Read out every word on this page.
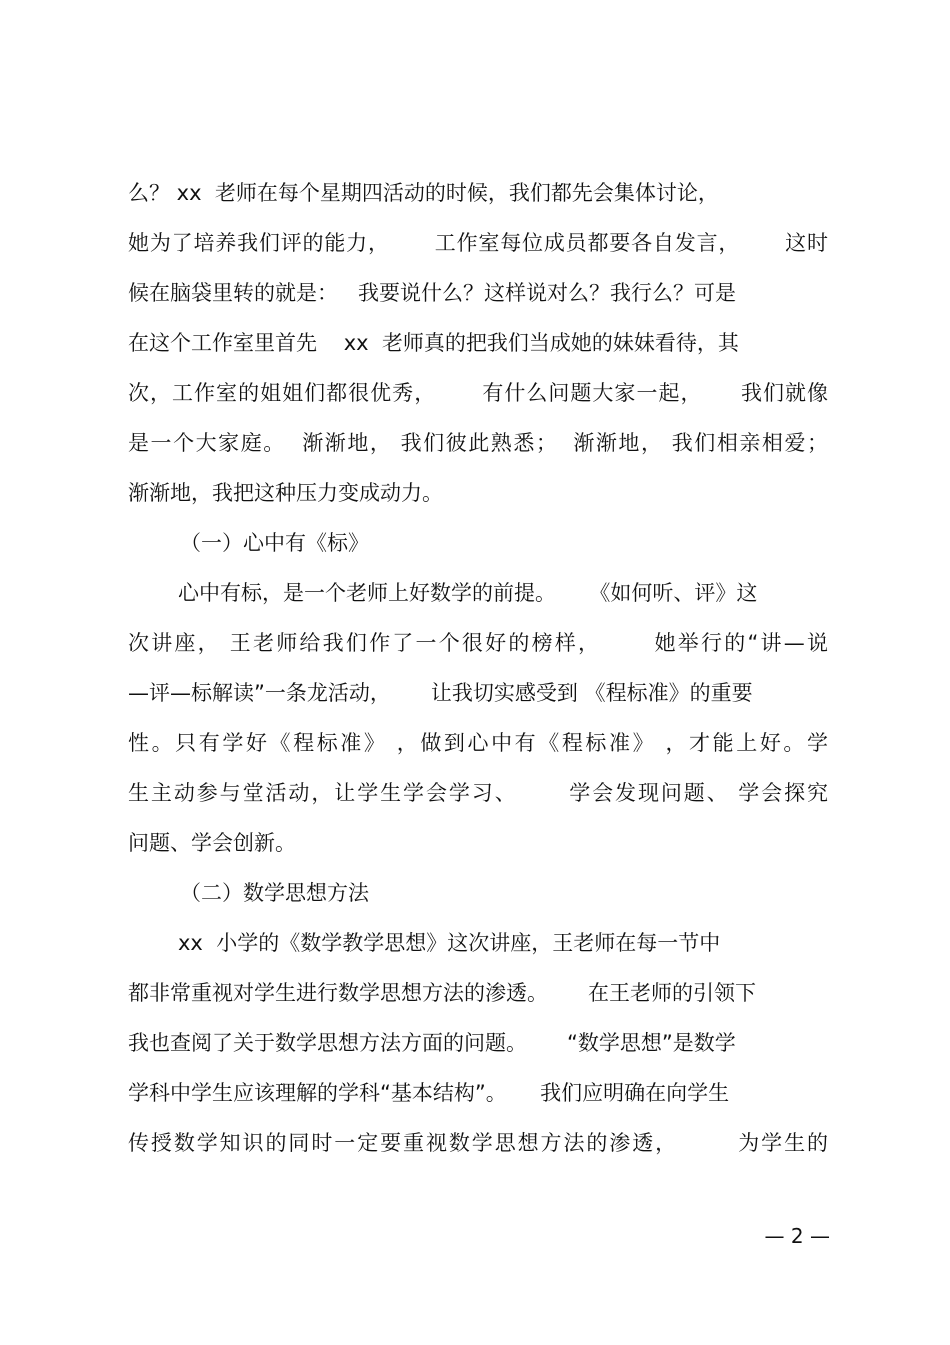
么？ xx  老师在每个星期四活动的时候，我们都先会集体讨论，
她为了培养我们评的能力，      工作室每位成员都要各自发言，      这时
候在脑袋里转的就是：   我要说什么？这样说对么？我行么？可是
在这个工作室里首先    xx  老师真的把我们当成她的妹妹看待，其
次，工作室的姐姐们都很优秀，      有什么问题大家一起，     我们就像
是一个大家庭。  渐渐地， 我们彼此熟悉；  渐渐地， 我们相亲相爱；
渐渐地，我把这种压力变成动力。
（一）心中有《标》
心中有标，是一个老师上好数学的前提。     《如何听、评》这
次讲座， 王老师给我们作了一个很好的榜样，      她举行的“讲—说
—评—标解读”一条龙活动，      让我切实感受到 《程标准》的重要
性。只有学好《程标准》 ，做到心中有《程标准》 ，才能上好。学
生主动参与堂活动，让学生学会学习、      学会发现问题、 学会探究
问题、学会创新。
（二）数学思想方法
xx  小学的《数学教学思想》这次讲座，王老师在每一节中
都非常重视对学生进行数学思想方法的渗透。      在王老师的引领下
我也查阅了关于数学思想方法方面的问题。      “数学思想”是数学
学科中学生应该理解的学科“基本结构”。     我们应明确在向学生
传授数学知识的同时一定要重视数学思想方法的渗透，       为学生的
— 2 —
